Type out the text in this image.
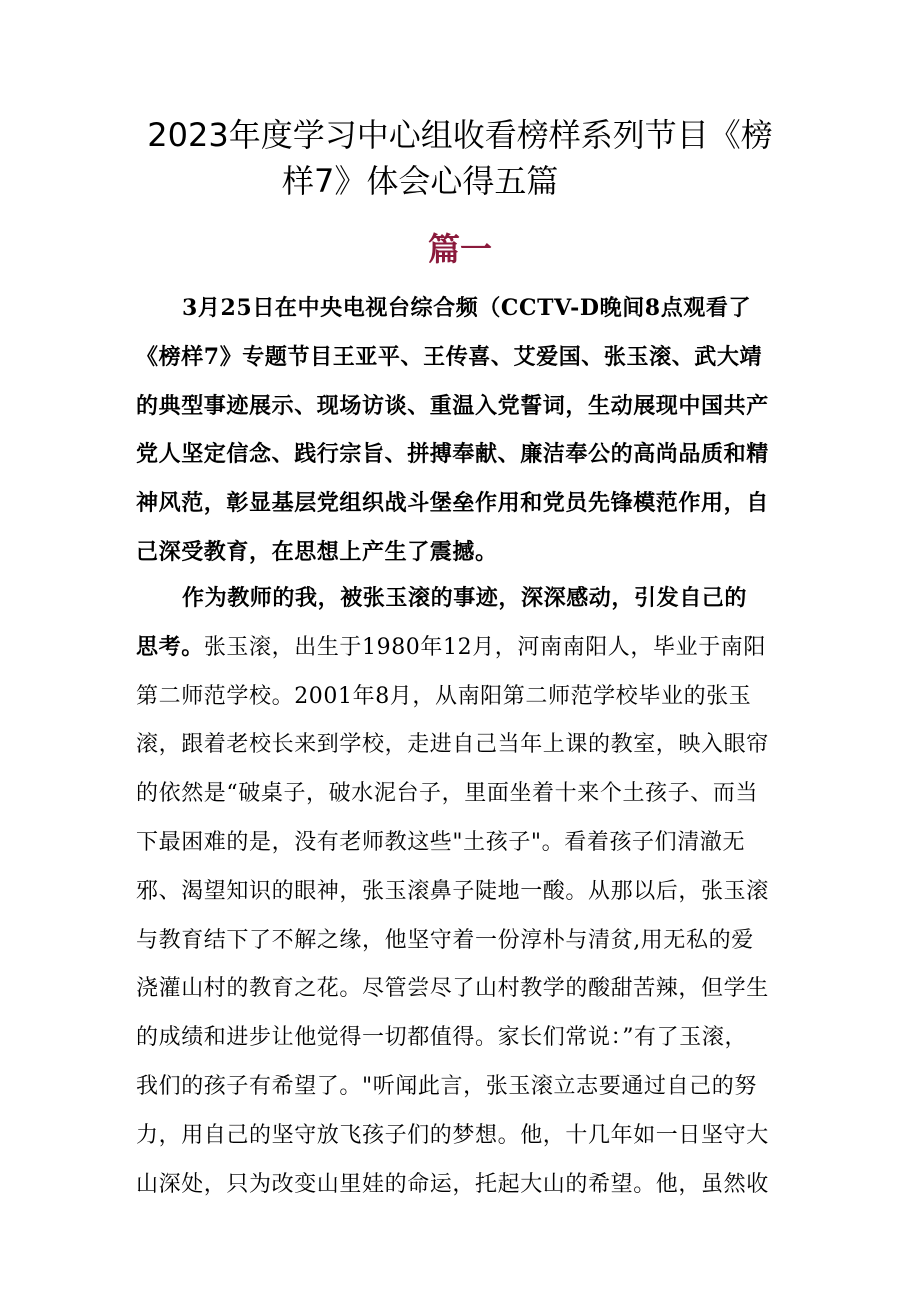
2023年度学习中心组收看榜样系列节目《榜
样7》体会心得五篇
篇一
3月25日在中央电视台综合频（CCTV-D晚间8点观看了
《榜样7》专题节目王亚平、王传喜、艾爱国、张玉滚、武大靖
的典型事迹展示、现场访谈、重温入党誓词，生动展现中国共产
党人坚定信念、践行宗旨、拼搏奉献、廉洁奉公的高尚品质和精
神风范，彰显基层党组织战斗堡垒作用和党员先锋模范作用，自
己深受教育，在思想上产生了震撼。
作为教师的我，被张玉滚的事迹，深深感动，引发自己的
思考。张玉滚，出生于1980年12月，河南南阳人，毕业于南阳
第二师范学校。2001年8月，从南阳第二师范学校毕业的张玉
滚，跟着老校长来到学校，走进自己当年上课的教室，映入眼帘
的依然是“破桌子，破水泥台子，里面坐着十来个土孩子、而当
下最困难的是，没有老师教这些"土孩子"。看着孩子们清澈无
邪、渴望知识的眼神，张玉滚鼻子陡地一酸。从那以后，张玉滚
与教育结下了不解之缘，他坚守着一份淳朴与清贫,用无私的爱
浇灌山村的教育之花。尽管尝尽了山村教学的酸甜苦辣，但学生
的成绩和进步让他觉得一切都值得。家长们常说：”有了玉滚，
我们的孩子有希望了。"听闻此言，张玉滚立志要通过自己的努
力，用自己的坚守放飞孩子们的梦想。他，十几年如一日坚守大
山深处，只为改变山里娃的命运，托起大山的希望。他，虽然收
